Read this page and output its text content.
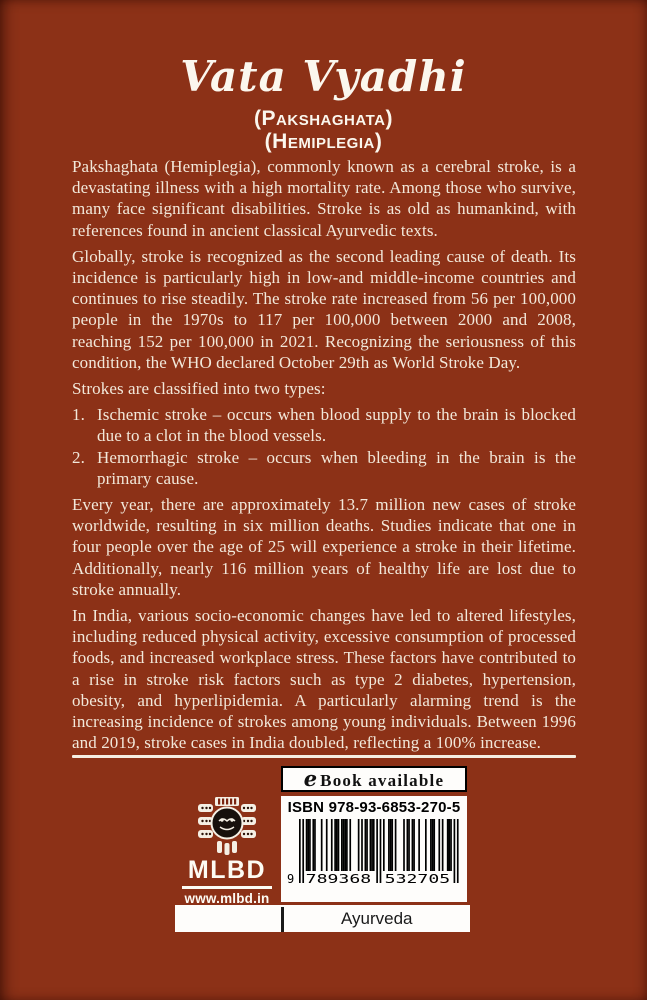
Vata Vyadhi
(Pakshaghata)
(Hemiplegia)

Pakshaghata (Hemiplegia), commonly known as a cerebral stroke, is a devastating illness with a high mortality rate. Among those who survive, many face significant disabilities. Stroke is as old as humankind, with references found in ancient classical Ayurvedic texts.

Globally, stroke is recognized as the second leading cause of death. Its incidence is particularly high in low-and middle-income countries and continues to rise steadily. The stroke rate increased from 56 per 100,000 people in the 1970s to 117 per 100,000 between 2000 and 2008, reaching 152 per 100,000 in 2021. Recognizing the seriousness of this condition, the WHO declared October 29th as World Stroke Day.

Strokes are classified into two types:

1. Ischemic stroke – occurs when blood supply to the brain is blocked due to a clot in the blood vessels.
2. Hemorrhagic stroke – occurs when bleeding in the brain is the primary cause.

Every year, there are approximately 13.7 million new cases of stroke worldwide, resulting in six million deaths. Studies indicate that one in four people over the age of 25 will experience a stroke in their lifetime. Additionally, nearly 116 million years of healthy life are lost due to stroke annually.

In India, various socio-economic changes have led to altered lifestyles, including reduced physical activity, excessive consumption of processed foods, and increased workplace stress. These factors have contributed to a rise in stroke risk factors such as type 2 diabetes, hypertension, obesity, and hyperlipidemia. A particularly alarming trend is the increasing incidence of strokes among young individuals. Between 1996 and 2019, stroke cases in India doubled, reflecting a 100% increase.

MLBD
www.mlbd.in
e Book available
ISBN 978-93-6853-270-5
9 789368 532705
Ayurveda
